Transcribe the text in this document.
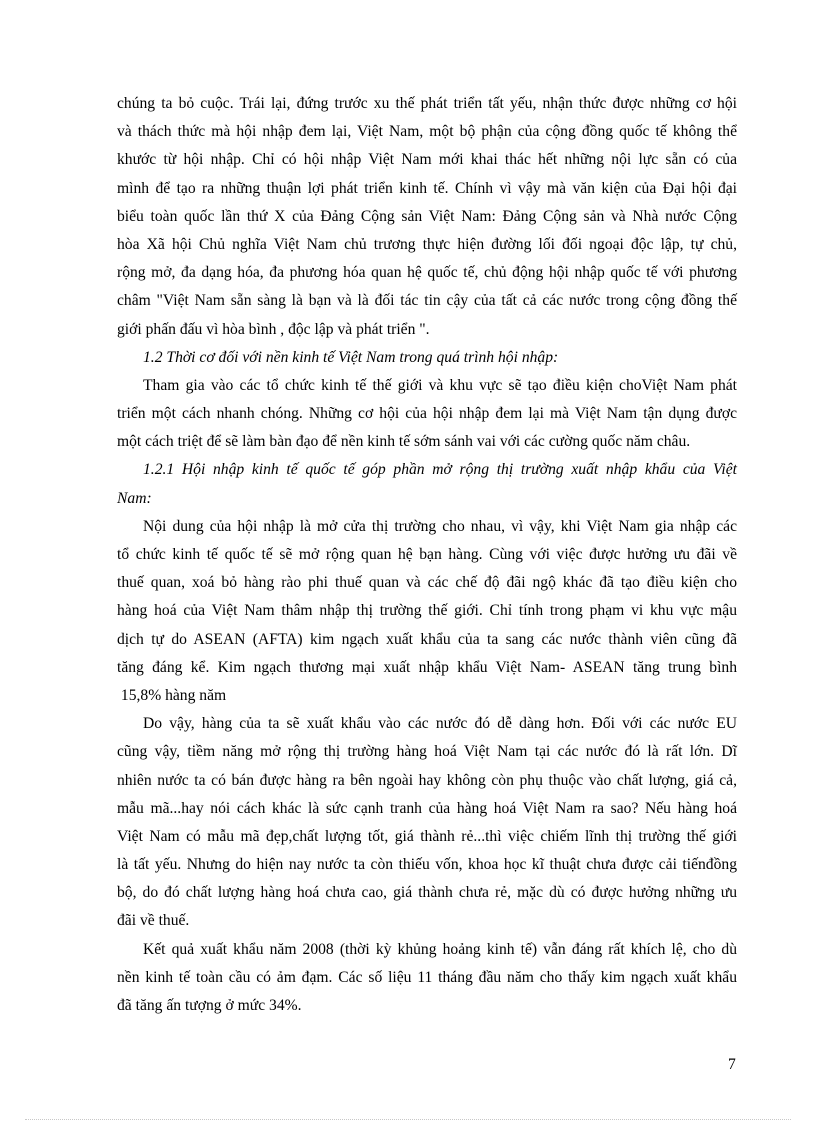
chúng ta bỏ cuộc. Trái lại, đứng trước xu thế phát triển tất yếu, nhận thức được những cơ hội
và thách thức mà hội nhập đem lại, Việt Nam, một bộ phận của cộng đồng quốc tế không thể
khước từ hội nhập. Chỉ có hội nhập Việt Nam mới khai thác hết những nội lực sẵn có của
mình để tạo ra những thuận lợi phát triển kinh tế. Chính vì vậy mà văn kiện của Đại hội đại
biểu toàn quốc lần thứ X của Đảng Cộng sản Việt Nam: Đảng Cộng sản và Nhà nước Cộng
hòa Xã hội Chủ nghĩa Việt Nam chủ trương thực hiện đường lối đối ngoại độc lập, tự chủ,
rộng mở, đa dạng hóa, đa phương hóa quan hệ quốc tế, chủ động hội nhập quốc tế với phương
châm "Việt Nam sẵn sàng là bạn và là đối tác tin cậy của tất cả các nước trong cộng đồng thế
giới phấn đấu vì hòa bình , độc lập và phát triển ".
1.2 Thời cơ đối với nền kinh tế Việt Nam trong quá trình hội nhập:
Tham gia vào các tổ chức kinh tế thế giới và khu vực sẽ tạo điều kiện choViệt Nam phát
triển một cách nhanh chóng. Những cơ hội của hội nhập đem lại mà Việt Nam tận dụng được
một cách triệt để sẽ làm bàn đạo để nền kinh tế sớm sánh vai với các cường quốc năm châu.
1.2.1 Hội nhập kinh tế quốc tế góp phần mở rộng thị trường xuất nhập khẩu của Việt
Nam:
Nội dung của hội nhập là mở cửa thị trường cho nhau, vì vậy, khi Việt Nam gia nhập các
tổ chức kinh tế quốc tế sẽ mở rộng quan hệ bạn hàng. Cùng với việc được hưởng ưu đãi về
thuế quan, xoá bỏ hàng rào phi thuế quan và các chế độ đãi ngộ khác đã tạo điều kiện cho
hàng hoá của Việt Nam thâm nhập thị trường thế giới. Chỉ tính trong phạm vi khu vực mậu
dịch tự do ASEAN (AFTA) kim ngạch xuất khẩu của ta sang các nước thành viên cũng đã
tăng đáng kể. Kim ngạch thương mại xuất nhập khẩu Việt Nam- ASEAN tăng trung bình
15,8% hàng năm
Do vậy, hàng của ta sẽ xuất khẩu vào các nước đó dễ dàng hơn. Đối với các nước EU
cũng vậy, tiềm năng mở rộng thị trường hàng hoá Việt Nam tại các nước đó là rất lớn. Dĩ
nhiên nước ta có bán được hàng ra bên ngoài hay không còn phụ thuộc vào chất lượng, giá cả,
mẫu mã...hay nói cách khác là sức cạnh tranh của hàng hoá Việt Nam ra sao? Nếu hàng hoá
Việt Nam có mẫu mã đẹp,chất lượng tốt, giá thành rẻ...thì việc chiếm lĩnh thị trường thế giới
là tất yếu. Nhưng do hiện nay nước ta còn thiếu vốn, khoa học kĩ thuật chưa được cải tiếnđồng
bộ, do đó chất lượng hàng hoá chưa cao, giá thành chưa rẻ, mặc dù có được hưởng những ưu
đãi về thuế.
Kết quả xuất khẩu năm 2008 (thời kỳ khủng hoảng kinh tế) vẫn đáng rất khích lệ, cho dù
nền kinh tế toàn cầu có ảm đạm. Các số liệu 11 tháng đầu năm cho thấy kim ngạch xuất khẩu
đã tăng ấn tượng ở mức 34%.
7
